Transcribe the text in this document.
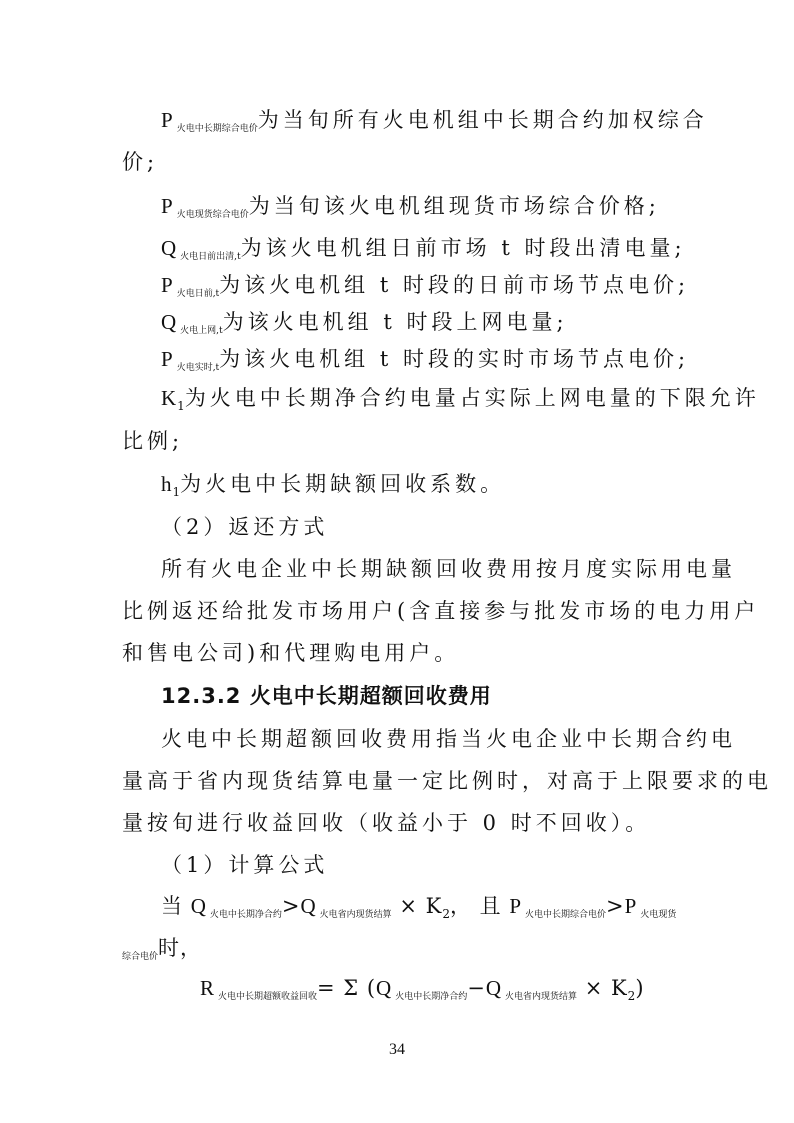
P $_{火电中长期综合电价}$为当旬所有火电机组中长期合约加权综合
价;
P $_{火电现货综合电价}$为当旬该火电机组现货市场综合价格;
Q $_{火电日前出清,t}$为该火电机组日前市场 t 时段出清电量;
P $_{火电日前,t}$为该火电机组 t 时段的日前市场节点电价;
Q $_{火电上网,t}$为该火电机组 t 时段上网电量;
P $_{火电实时,t}$为该火电机组 t 时段的实时市场节点电价;
$K_1$为火电中长期净合约电量占实际上网电量的下限允许
比例;
$h_1$为火电中长期缺额回收系数。
（2）返还方式
所有火电企业中长期缺额回收费用按月度实际用电量
比例返还给批发市场用户(含直接参与批发市场的电力用户
和售电公司)和代理购电用户。
12.3.2 火电中长期超额回收费用
火电中长期超额回收费用指当火电企业中长期合约电
量高于省内现货结算电量一定比例时，对高于上限要求的电
量按旬进行收益回收（收益小于 0 时不回收）。
（1）计算公式
当 Q $_{火电中长期净合约}$>Q $_{火电省内现货结算} \times K_2$， 且 P $_{火电中长期综合电价}$>P $_{火电现货}$
$_{综合电价}$时，
R $_{火电中长期超额收益回收}$= Σ (Q $_{火电中长期净合约}$−Q $_{火电省内现货结算} \times K_2$)
34
